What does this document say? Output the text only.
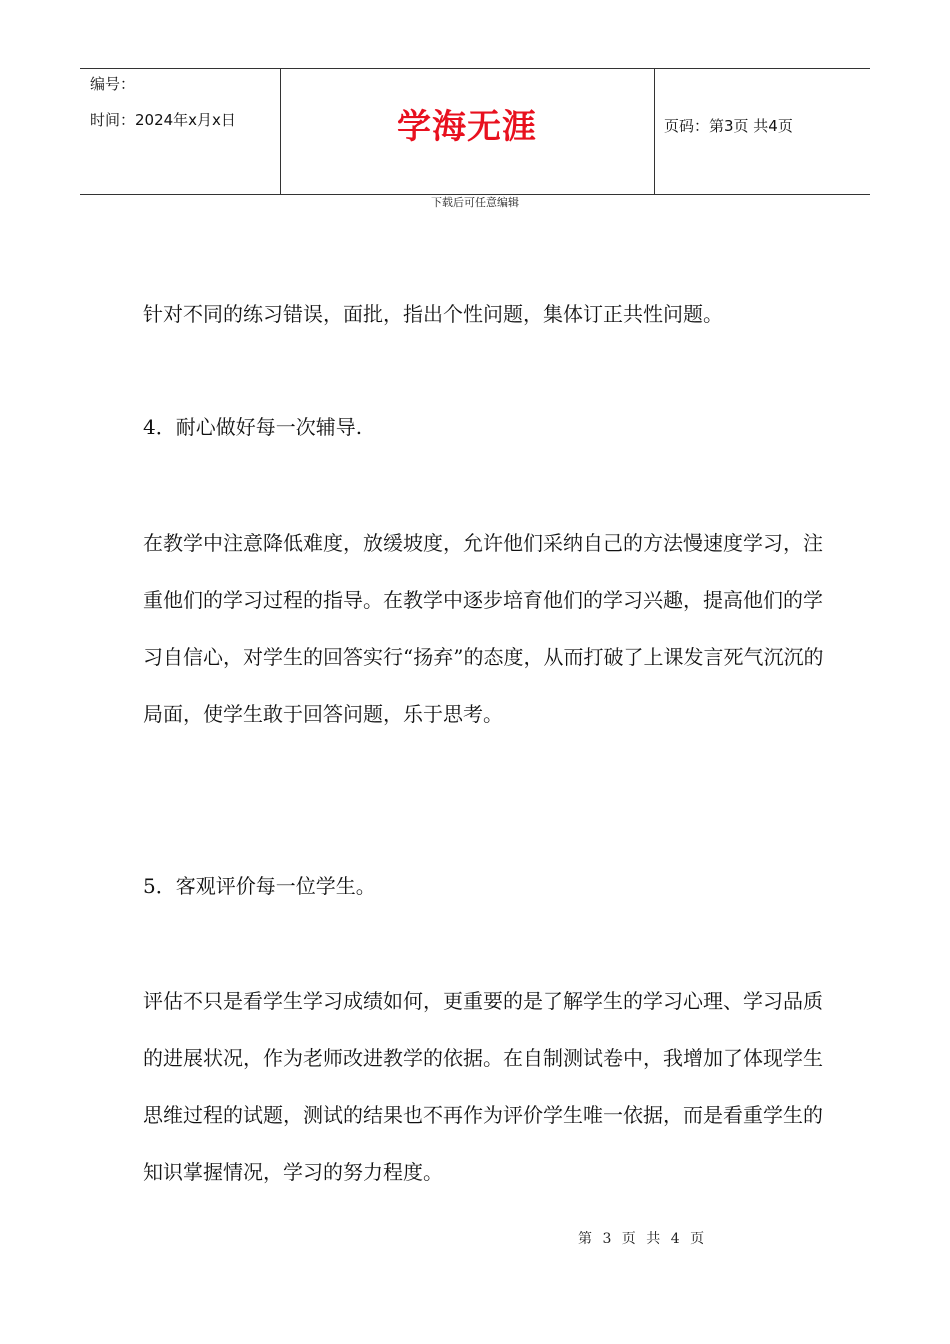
编号：
时间：2024年x月x日	学海无涯	页码：第3页 共4页
下载后可任意编辑

针对不同的练习错误，面批，指出个性问题，集体订正共性问题。

4．耐心做好每一次辅导.

在教学中注意降低难度，放缓坡度，允许他们采纳自己的方法慢速度学习，注重他们的学习过程的指导。在教学中逐步培育他们的学习兴趣，提高他们的学习自信心，对学生的回答实行“扬弃”的态度，从而打破了上课发言死气沉沉的局面，使学生敢于回答问题，乐于思考。

5．客观评价每一位学生。

评估不只是看学生学习成绩如何，更重要的是了解学生的学习心理、学习品质的进展状况，作为老师改进教学的依据。在自制测试卷中，我增加了体现学生思维过程的试题，测试的结果也不再作为评价学生唯一依据，而是看重学生的知识掌握情况，学习的努力程度。

第 3 页 共 4 页
